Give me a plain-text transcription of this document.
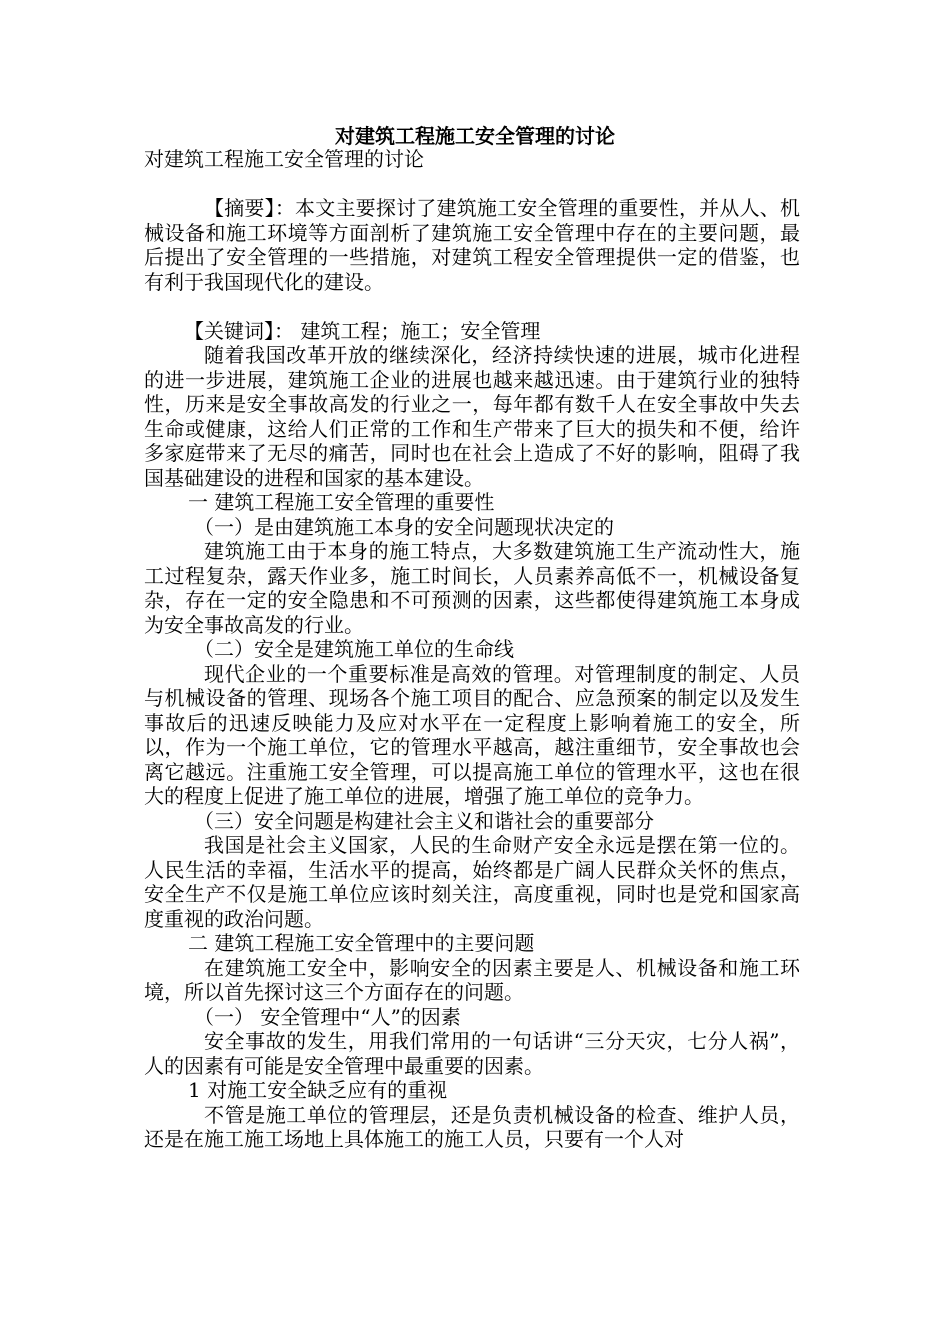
对建筑工程施工安全管理的讨论

对建筑工程施工安全管理的讨论

【摘要】：本文主要探讨了建筑施工安全管理的重要性，并从人、机械设备和施工环境等方面剖析了建筑施工安全管理中存在的主要问题，最后提出了安全管理的一些措施，对建筑工程安全管理提供一定的借鉴，也有利于我国现代化的建设。

【关键词】： 建筑工程；施工；安全管理

随着我国改革开放的继续深化，经济持续快速的进展，城市化进程的进一步进展，建筑施工企业的进展也越来越迅速。由于建筑行业的独特性，历来是安全事故高发的行业之一，每年都有数千人在安全事故中失去生命或健康，这给人们正常的工作和生产带来了巨大的损失和不便，给许多家庭带来了无尽的痛苦，同时也在社会上造成了不好的影响，阻碍了我国基础建设的进程和国家的基本建设。

一 建筑工程施工安全管理的重要性

（一）是由建筑施工本身的安全问题现状决定的

建筑施工由于本身的施工特点，大多数建筑施工生产流动性大，施工过程复杂，露天作业多，施工时间长，人员素养高低不一，机械设备复杂，存在一定的安全隐患和不可预测的因素，这些都使得建筑施工本身成为安全事故高发的行业。

（二）安全是建筑施工单位的生命线

现代企业的一个重要标准是高效的管理。对管理制度的制定、人员与机械设备的管理、现场各个施工项目的配合、应急预案的制定以及发生事故后的迅速反映能力及应对水平在一定程度上影响着施工的安全，所以，作为一个施工单位，它的管理水平越高，越注重细节，安全事故也会离它越远。注重施工安全管理，可以提高施工单位的管理水平，这也在很大的程度上促进了施工单位的进展，增强了施工单位的竞争力。

（三）安全问题是构建社会主义和谐社会的重要部分

我国是社会主义国家，人民的生命财产安全永远是摆在第一位的。人民生活的幸福，生活水平的提高，始终都是广阔人民群众关怀的焦点，安全生产不仅是施工单位应该时刻关注，高度重视，同时也是党和国家高度重视的政治问题。

二 建筑工程施工安全管理中的主要问题

在建筑施工安全中，影响安全的因素主要是人、机械设备和施工环境，所以首先探讨这三个方面存在的问题。

（一） 安全管理中“人”的因素

安全事故的发生，用我们常用的一句话讲“三分天灾，七分人祸”，人的因素有可能是安全管理中最重要的因素。

1 对施工安全缺乏应有的重视

不管是施工单位的管理层，还是负责机械设备的检查、维护人员，还是在施工施工场地上具体施工的施工人员，只要有一个人对
